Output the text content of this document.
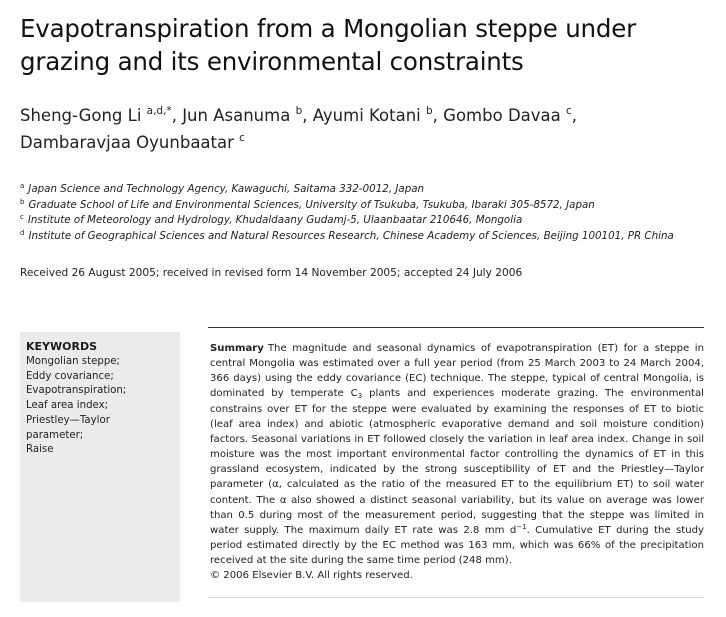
Evapotranspiration from a Mongolian steppe under grazing and its environmental constraints
Sheng-Gong Li $^{a,d,*}$, Jun Asanuma $^b$, Ayumi Kotani $^b$, Gombo Davaa $^c$,
Dambaravjaa Oyunbaatar $^c$
$^a$ Japan Science and Technology Agency, Kawaguchi, Saitama 332-0012, Japan
$^b$ Graduate School of Life and Environmental Sciences, University of Tsukuba, Tsukuba, Ibaraki 305-8572, Japan
$^c$ Institute of Meteorology and Hydrology, Khudaldaany Gudamj-5, Ulaanbaatar 210646, Mongolia
$^d$ Institute of Geographical Sciences and Natural Resources Research, Chinese Academy of Sciences, Beijing 100101, PR China
Received 26 August 2005; received in revised form 14 November 2005; accepted 24 July 2006
KEYWORDS
Mongolian steppe;
Eddy covariance;
Evapotranspiration;
Leaf area index;
Priestley—Taylor
parameter;
Raise
Summary The magnitude and seasonal dynamics of evapotranspiration (ET) for a steppe in central Mongolia was estimated over a full year period (from 25 March 2003 to 24 March 2004, 366 days) using the eddy covariance (EC) technique. The steppe, typical of central Mongolia, is dominated by temperate $C_3$ plants and experiences moderate grazing. The environmental constrains over ET for the steppe were evaluated by examining the responses of ET to biotic (leaf area index) and abiotic (atmospheric evaporative demand and soil moisture condition) factors. Seasonal variations in ET followed closely the variation in leaf area index. Change in soil moisture was the most important environmental factor controlling the dynamics of ET in this grassland ecosystem, indicated by the strong susceptibility of ET and the Priestley—Taylor parameter (α, calculated as the ratio of the measured ET to the equilibrium ET) to soil water content. The α also showed a distinct seasonal variability, but its value on average was lower than 0.5 during most of the measurement period, suggesting that the steppe was limited in water supply. The maximum daily ET rate was 2.8 mm $d^{-1}$. Cumulative ET during the study period estimated directly by the EC method was 163 mm, which was 66% of the precipitation received at the site during the same time period (248 mm).
© 2006 Elsevier B.V. All rights reserved.
